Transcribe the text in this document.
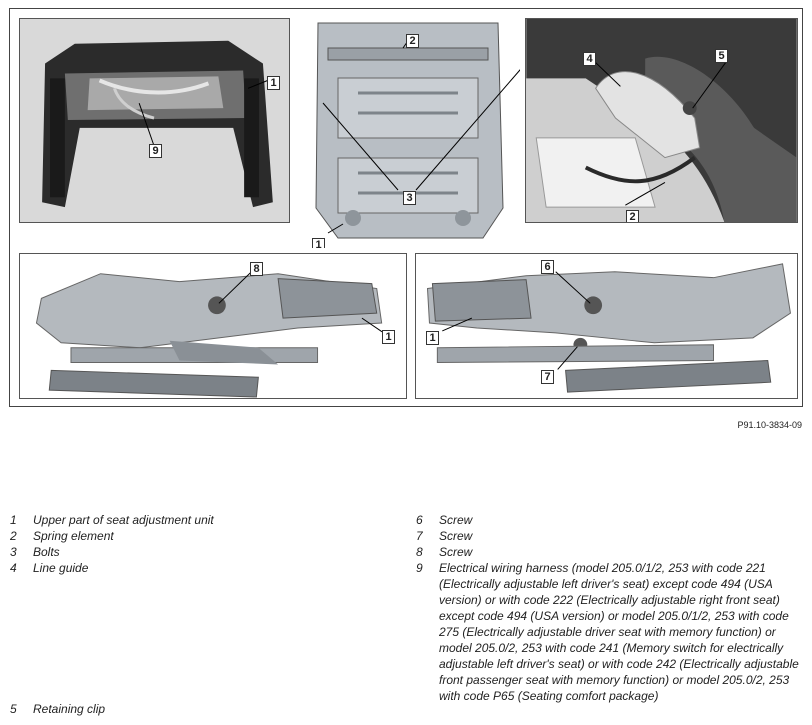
1
9
2
3
1
4	5
2
8
1
6
1
7
P91.10-3834-09
1	Upper part of seat adjustment unit
2	Spring element
3	Bolts
4	Line guide
6	Screw
7	Screw
8	Screw
9	Electrical wiring harness (model 205.0/1/2, 253 with code 221 (Electrically adjustable left driver's seat) except code 494 (USA version) or with code 222 (Electrically adjustable right front seat) except code 494 (USA version) or model 205.0/1/2, 253 with code 275 (Electrically adjustable driver seat with memory function) or model 205.0/2, 253 with code 241 (Memory switch for electrically adjustable left driver's seat) or with code 242 (Electrically adjustable front passenger seat with memory function) or model 205.0/2, 253 with code P65 (Seating comfort package)
5	Retaining clip
